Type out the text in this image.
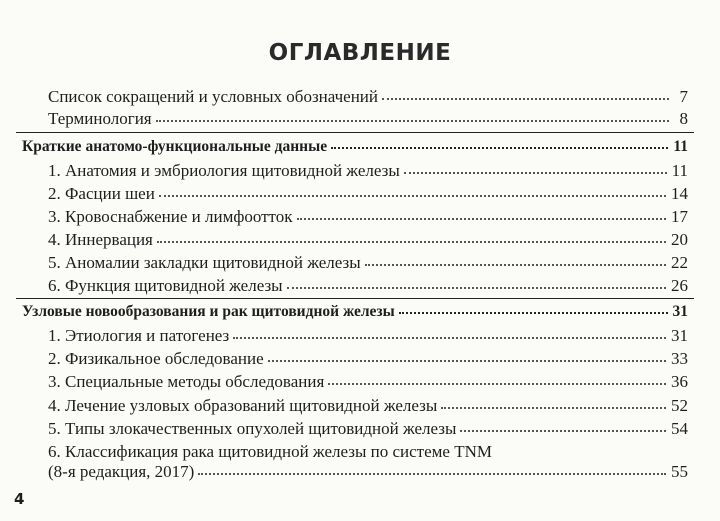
ОГЛАВЛЕНИЕ
Список сокращений и условных обозначений	7
Терминология	8
Краткие анатомо-функциональные данные	11
1. Анатомия и эмбриология щитовидной железы	11
2. Фасции шеи	14
3. Кровоснабжение и лимфоотток	17
4. Иннервация	20
5. Аномалии закладки щитовидной железы	22
6. Функция щитовидной железы	26
Узловые новообразования и рак щитовидной железы	31
1. Этиология и патогенез	31
2. Физикальное обследование	33
3. Специальные методы обследования	36
4. Лечение узловых образований щитовидной железы	52
5. Типы злокачественных опухолей щитовидной железы	54
6. Классификация рака щитовидной железы по системе TNM
(8-я редакция, 2017)	55
4
